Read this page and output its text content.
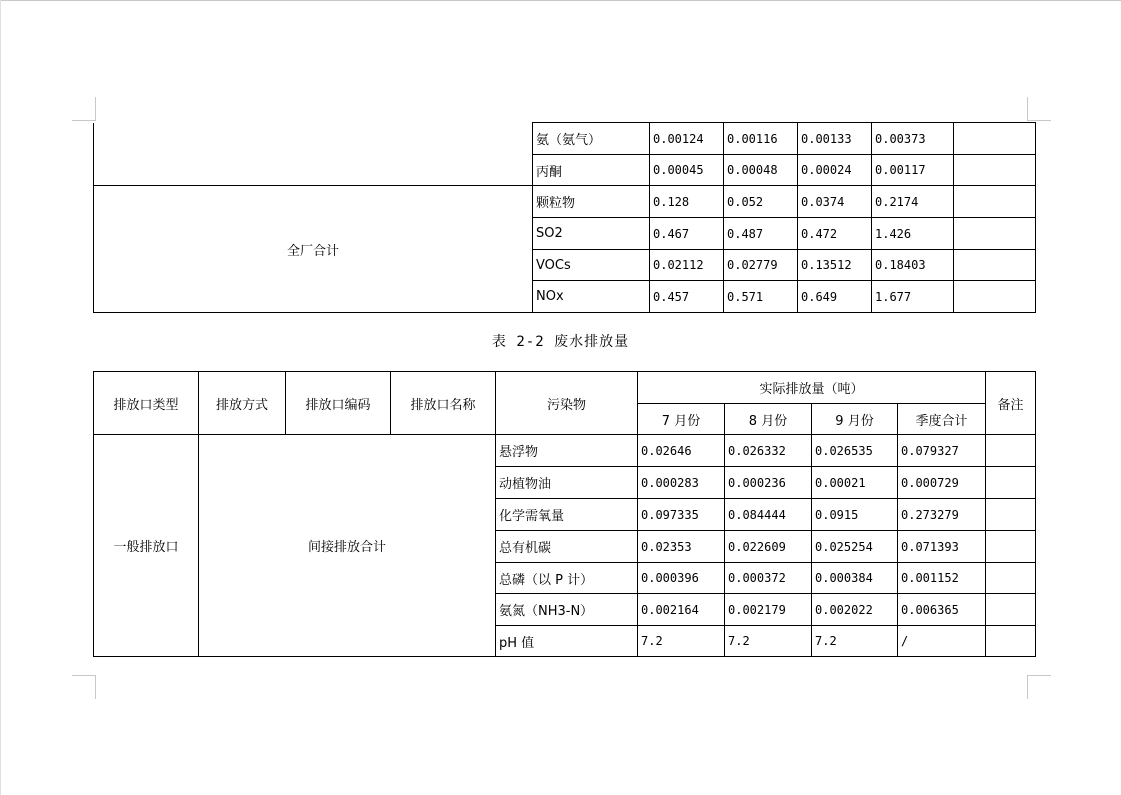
	氨（氨气）	0.00124	0.00116	0.00133	0.00373	
	丙酮	0.00045	0.00048	0.00024	0.00117	
全厂合计	颗粒物	0.128	0.052	0.0374	0.2174	
	SO2	0.467	0.487	0.472	1.426	
	VOCs	0.02112	0.02779	0.13512	0.18403	
	NOx	0.457	0.571	0.649	1.677	
表 2-2 废水排放量
排放口类型	排放方式	排放口编码	排放口名称	污染物	实际排放量（吨）				备注
					7 月份	8 月份	9 月份	季度合计	
一般排放口	间接排放合计			悬浮物	0.02646	0.026332	0.026535	0.079327	
				动植物油	0.000283	0.000236	0.00021	0.000729	
				化学需氧量	0.097335	0.084444	0.0915	0.273279	
				总有机碳	0.02353	0.022609	0.025254	0.071393	
				总磷（以 P 计）	0.000396	0.000372	0.000384	0.001152	
				氨氮（NH3-N）	0.002164	0.002179	0.002022	0.006365	
				pH 值	7.2	7.2	7.2	/	
